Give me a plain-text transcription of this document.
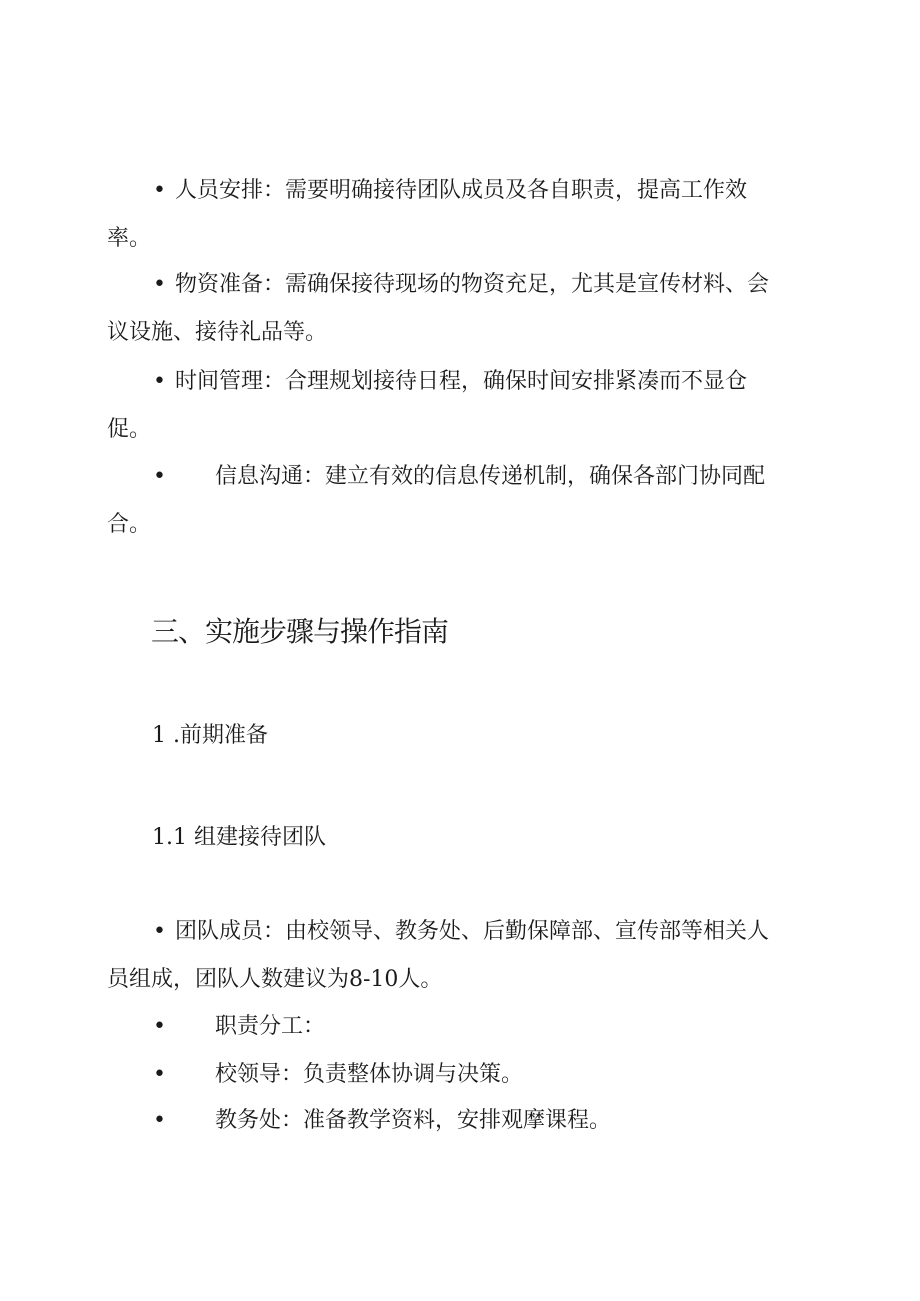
• 人员安排：需要明确接待团队成员及各自职责，提高工作效
率。
• 物资准备：需确保接待现场的物资充足，尤其是宣传材料、会
议设施、接待礼品等。
• 时间管理：合理规划接待日程，确保时间安排紧凑而不显仓
促。
• 信息沟通：建立有效的信息传递机制，确保各部门协同配
合。
三、实施步骤与操作指南
1 .前期准备
1.1 组建接待团队
• 团队成员：由校领导、教务处、后勤保障部、宣传部等相关人
员组成，团队人数建议为8-10人。
• 职责分工：
• 校领导：负责整体协调与决策。
• 教务处：准备教学资料，安排观摩课程。
